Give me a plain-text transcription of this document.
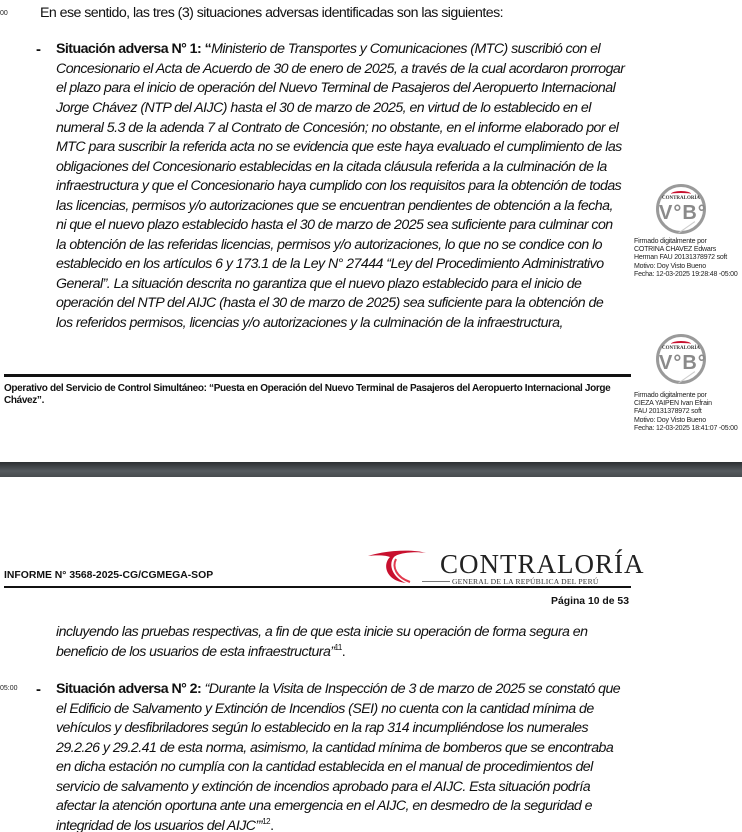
00 En ese sentido, las tres (3) situaciones adversas identificadas son las siguientes:
- Situación adversa N° 1: “Ministerio de Transportes y Comunicaciones (MTC) suscribió con el
Concesionario el Acta de Acuerdo de 30 de enero de 2025, a través de la cual acordaron prorrogar
el plazo para el inicio de operación del Nuevo Terminal de Pasajeros del Aeropuerto Internacional
Jorge Chávez (NTP del AIJC) hasta el 30 de marzo de 2025, en virtud de lo establecido en el
numeral 5.3 de la adenda 7 al Contrato de Concesión; no obstante, en el informe elaborado por el
MTC para suscribir la referida acta no se evidencia que este haya evaluado el cumplimiento de las
obligaciones del Concesionario establecidas en la citada cláusula referida a la culminación de la
infraestructura y que el Concesionario haya cumplido con los requisitos para la obtención de todas
las licencias, permisos y/o autorizaciones que se encuentran pendientes de obtención a la fecha,
ni que el nuevo plazo establecido hasta el 30 de marzo de 2025 sea suficiente para culminar con
la obtención de las referidas licencias, permisos y/o autorizaciones, lo que no se condice con lo
establecido en los artículos 6 y 173.1 de la Ley N° 27444 “Ley del Procedimiento Administrativo
General”. La situación descrita no garantiza que el nuevo plazo establecido para el inicio de
operación del NTP del AIJC (hasta el 30 de marzo de 2025) sea suficiente para la obtención de
los referidos permisos, licencias y/o autorizaciones y la culminación de la infraestructura,
CONTRALORÍA
V°B°
Firmado digitalmente por
COTRINA CHAVEZ Edwars
Herman FAU 20131378972 soft
Motivo: Doy Visto Bueno
Fecha: 12-03-2025 19:28:48 -05:00
CONTRALORÍA
V°B°
Firmado digitalmente por
CIEZA YAIPEN Ivan Efrain
FAU 20131378972 soft
Motivo: Doy Visto Bueno
Fecha: 12-03-2025 18:41:07 -05:00
Operativo del Servicio de Control Simultáneo: “Puesta en Operación del Nuevo Terminal de Pasajeros del Aeropuerto Internacional Jorge
Chávez”.
INFORME N° 3568-2025-CG/CGMEGA-SOP	CONTRALORÍA
GENERAL DE LA REPÚBLICA DEL PERÚ
Página 10 de 53
incluyendo las pruebas respectivas, a fin de que esta inicie su operación de forma segura en
beneficio de los usuarios de esta infraestructura”$^{11}$.
05:00 - Situación adversa N° 2: “Durante la Visita de Inspección de 3 de marzo de 2025 se constató que
el Edificio de Salvamento y Extinción de Incendios (SEI) no cuenta con la cantidad mínima de
vehículos y desfibriladores según lo establecido en la rap 314 incumpliéndose los numerales
29.2.26 y 29.2.41 de esta norma, asimismo, la cantidad mínima de bomberos que se encontraba
en dicha estación no cumplía con la cantidad establecida en el manual de procedimientos del
servicio de salvamento y extinción de incendios aprobado para el AIJC. Esta situación podría
afectar la atención oportuna ante una emergencia en el AIJC, en desmedro de la seguridad e
integridad de los usuarios del AIJC”’$^{12}$.
